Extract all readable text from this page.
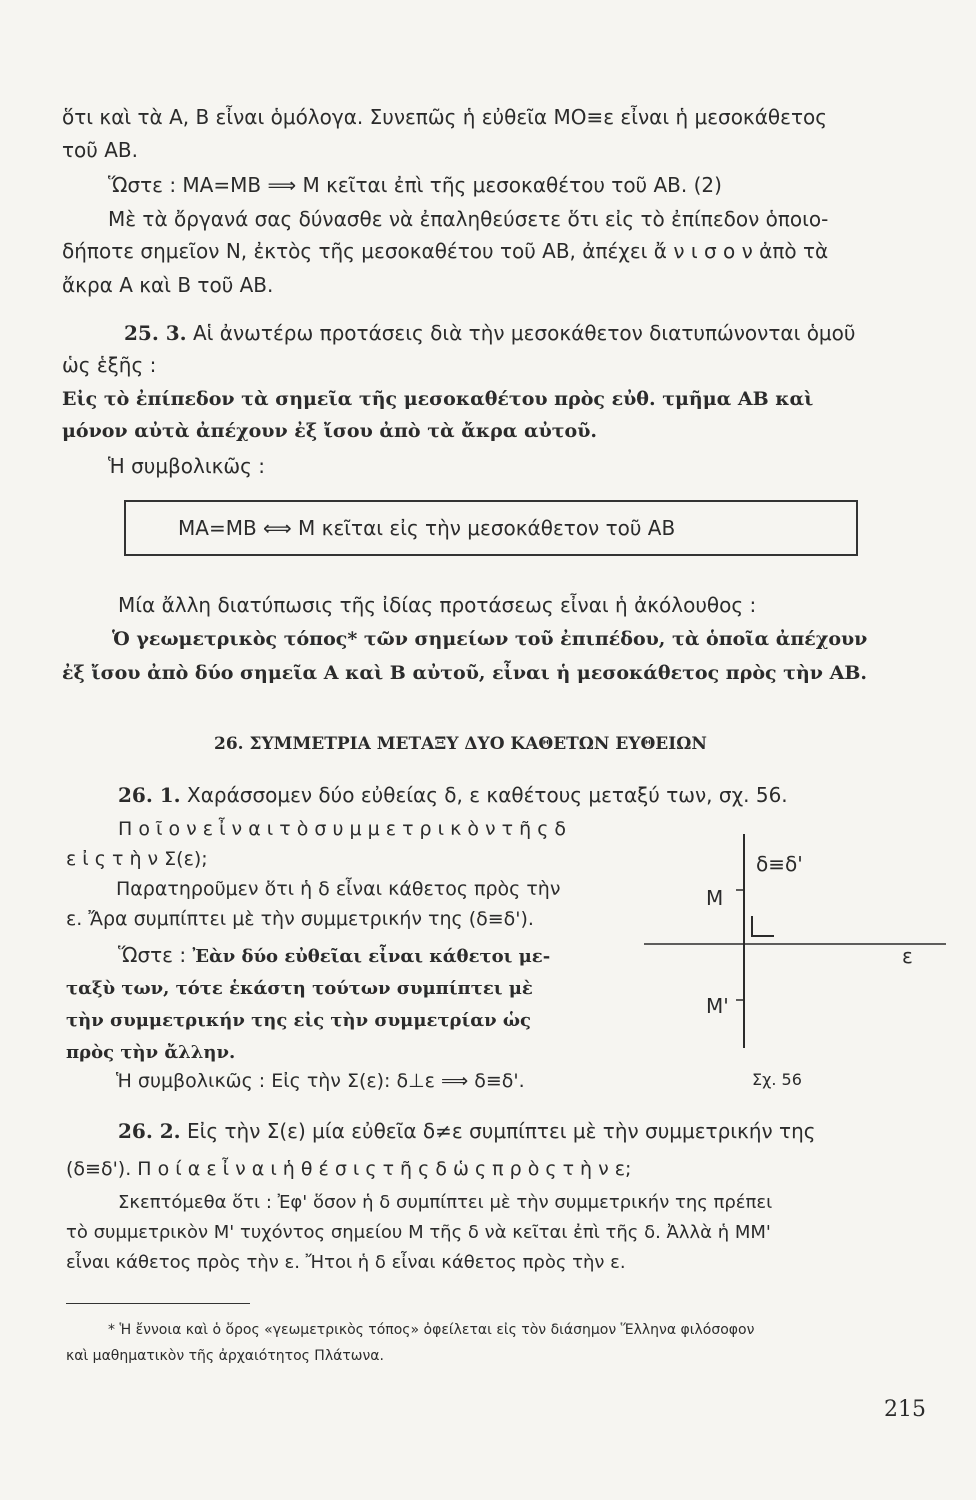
ὅτι καὶ τὰ Α, Β εἶναι ὁμόλογα. Συνεπῶς ἡ εὐθεῖα ΜΟ≡ε εἶναι ἡ μεσοκάθετος
τοῦ ΑΒ.
Ὥστε : ΜΑ=ΜΒ ⟹ Μ κεῖται ἐπὶ τῆς μεσοκαθέτου τοῦ ΑΒ. (2)
Μὲ τὰ ὄργανά σας δύνασθε νὰ ἐπαληθεύσετε ὅτι εἰς τὸ ἐπίπεδον ὁποιο-
δήποτε σημεῖον Ν, ἐκτὸς τῆς μεσοκαθέτου τοῦ ΑΒ, ἀπέχει ἄ ν ι σ ο ν ἀπὸ τὰ
ἄκρα Α καὶ Β τοῦ ΑΒ.
25. 3. Αἱ ἀνωτέρω προτάσεις διὰ τὴν μεσοκάθετον διατυπώνονται ὁμοῦ
ὡς ἑξῆς :
Εἰς τὸ ἐπίπεδον τὰ σημεῖα τῆς μεσοκαθέτου πρὸς εὐθ. τμῆμα ΑΒ καὶ
μόνον αὐτὰ ἀπέχουν ἐξ ἴσου ἀπὸ τὰ ἄκρα αὐτοῦ.
Ἡ συμβολικῶς :
ΜΑ=ΜΒ ⟺ Μ κεῖται εἰς τὴν μεσοκάθετον τοῦ ΑΒ
Μία ἄλλη διατύπωσις τῆς ἰδίας προτάσεως εἶναι ἡ ἀκόλουθος :
Ὁ γεωμετρικὸς τόπος* τῶν σημείων τοῦ ἐπιπέδου, τὰ ὁποῖα ἀπέχουν
ἐξ ἴσου ἀπὸ δύο σημεῖα Α καὶ Β αὐτοῦ, εἶναι ἡ μεσοκάθετος πρὸς τὴν ΑΒ.
26. ΣΥΜΜΕΤΡΙΑ ΜΕΤΑΞΥ ΔΥΟ ΚΑΘΕΤΩΝ ΕΥΘΕΙΩΝ
26. 1. Χαράσσομεν δύο εὐθείας δ, ε καθέτους μεταξύ των, σχ. 56.
Π ο ῖ ο ν ε ἶ ν α ι τ ὸ σ υ μ μ ε τ ρ ι κ ὸ ν τ ῆ ς δ
ε ἰ ς τ ὴ ν Σ(ε);
Παρατηροῦμεν ὅτι ἡ δ εἶναι κάθετος πρὸς τὴν
ε. Ἄρα συμπίπτει μὲ τὴν συμμετρικήν της (δ≡δ').
Ὥστε : Ἐὰν δύο εὐθεῖαι εἶναι κάθετοι με-
ταξὺ των, τότε ἑκάστη τούτων συμπίπτει μὲ
τὴν συμμετρικήν της εἰς τὴν συμμετρίαν ὡς
πρὸς τὴν ἄλλην.
Ἡ συμβολικῶς : Εἰς τὴν Σ(ε): δ⊥ε ⟹ δ≡δ'.
δ≡δ'
Μ
Μ'
ε
Σχ. 56
26. 2. Εἰς τὴν Σ(ε) μία εὐθεῖα δ≠ε συμπίπτει μὲ τὴν συμμετρικήν της
(δ≡δ'). Π ο ί α ε ἶ ν α ι ἡ θ έ σ ι ς τ ῆ ς δ ὡ ς π ρ ὸ ς τ ὴ ν ε;
Σκεπτόμεθα ὅτι : Ἐφ' ὅσον ἡ δ συμπίπτει μὲ τὴν συμμετρικήν της πρέπει
τὸ συμμετρικὸν Μ' τυχόντος σημείου Μ τῆς δ νὰ κεῖται ἐπὶ τῆς δ. Ἀλλὰ ἡ ΜΜ'
εἶναι κάθετος πρὸς τὴν ε. Ἤτοι ἡ δ εἶναι κάθετος πρὸς τὴν ε.
* Ἡ ἔννοια καὶ ὁ ὅρος «γεωμετρικὸς τόπος» ὀφείλεται εἰς τὸν διάσημον Ἕλληνα φιλόσοφον
καὶ μαθηματικὸν τῆς ἀρχαιότητος Πλάτωνα.
215
